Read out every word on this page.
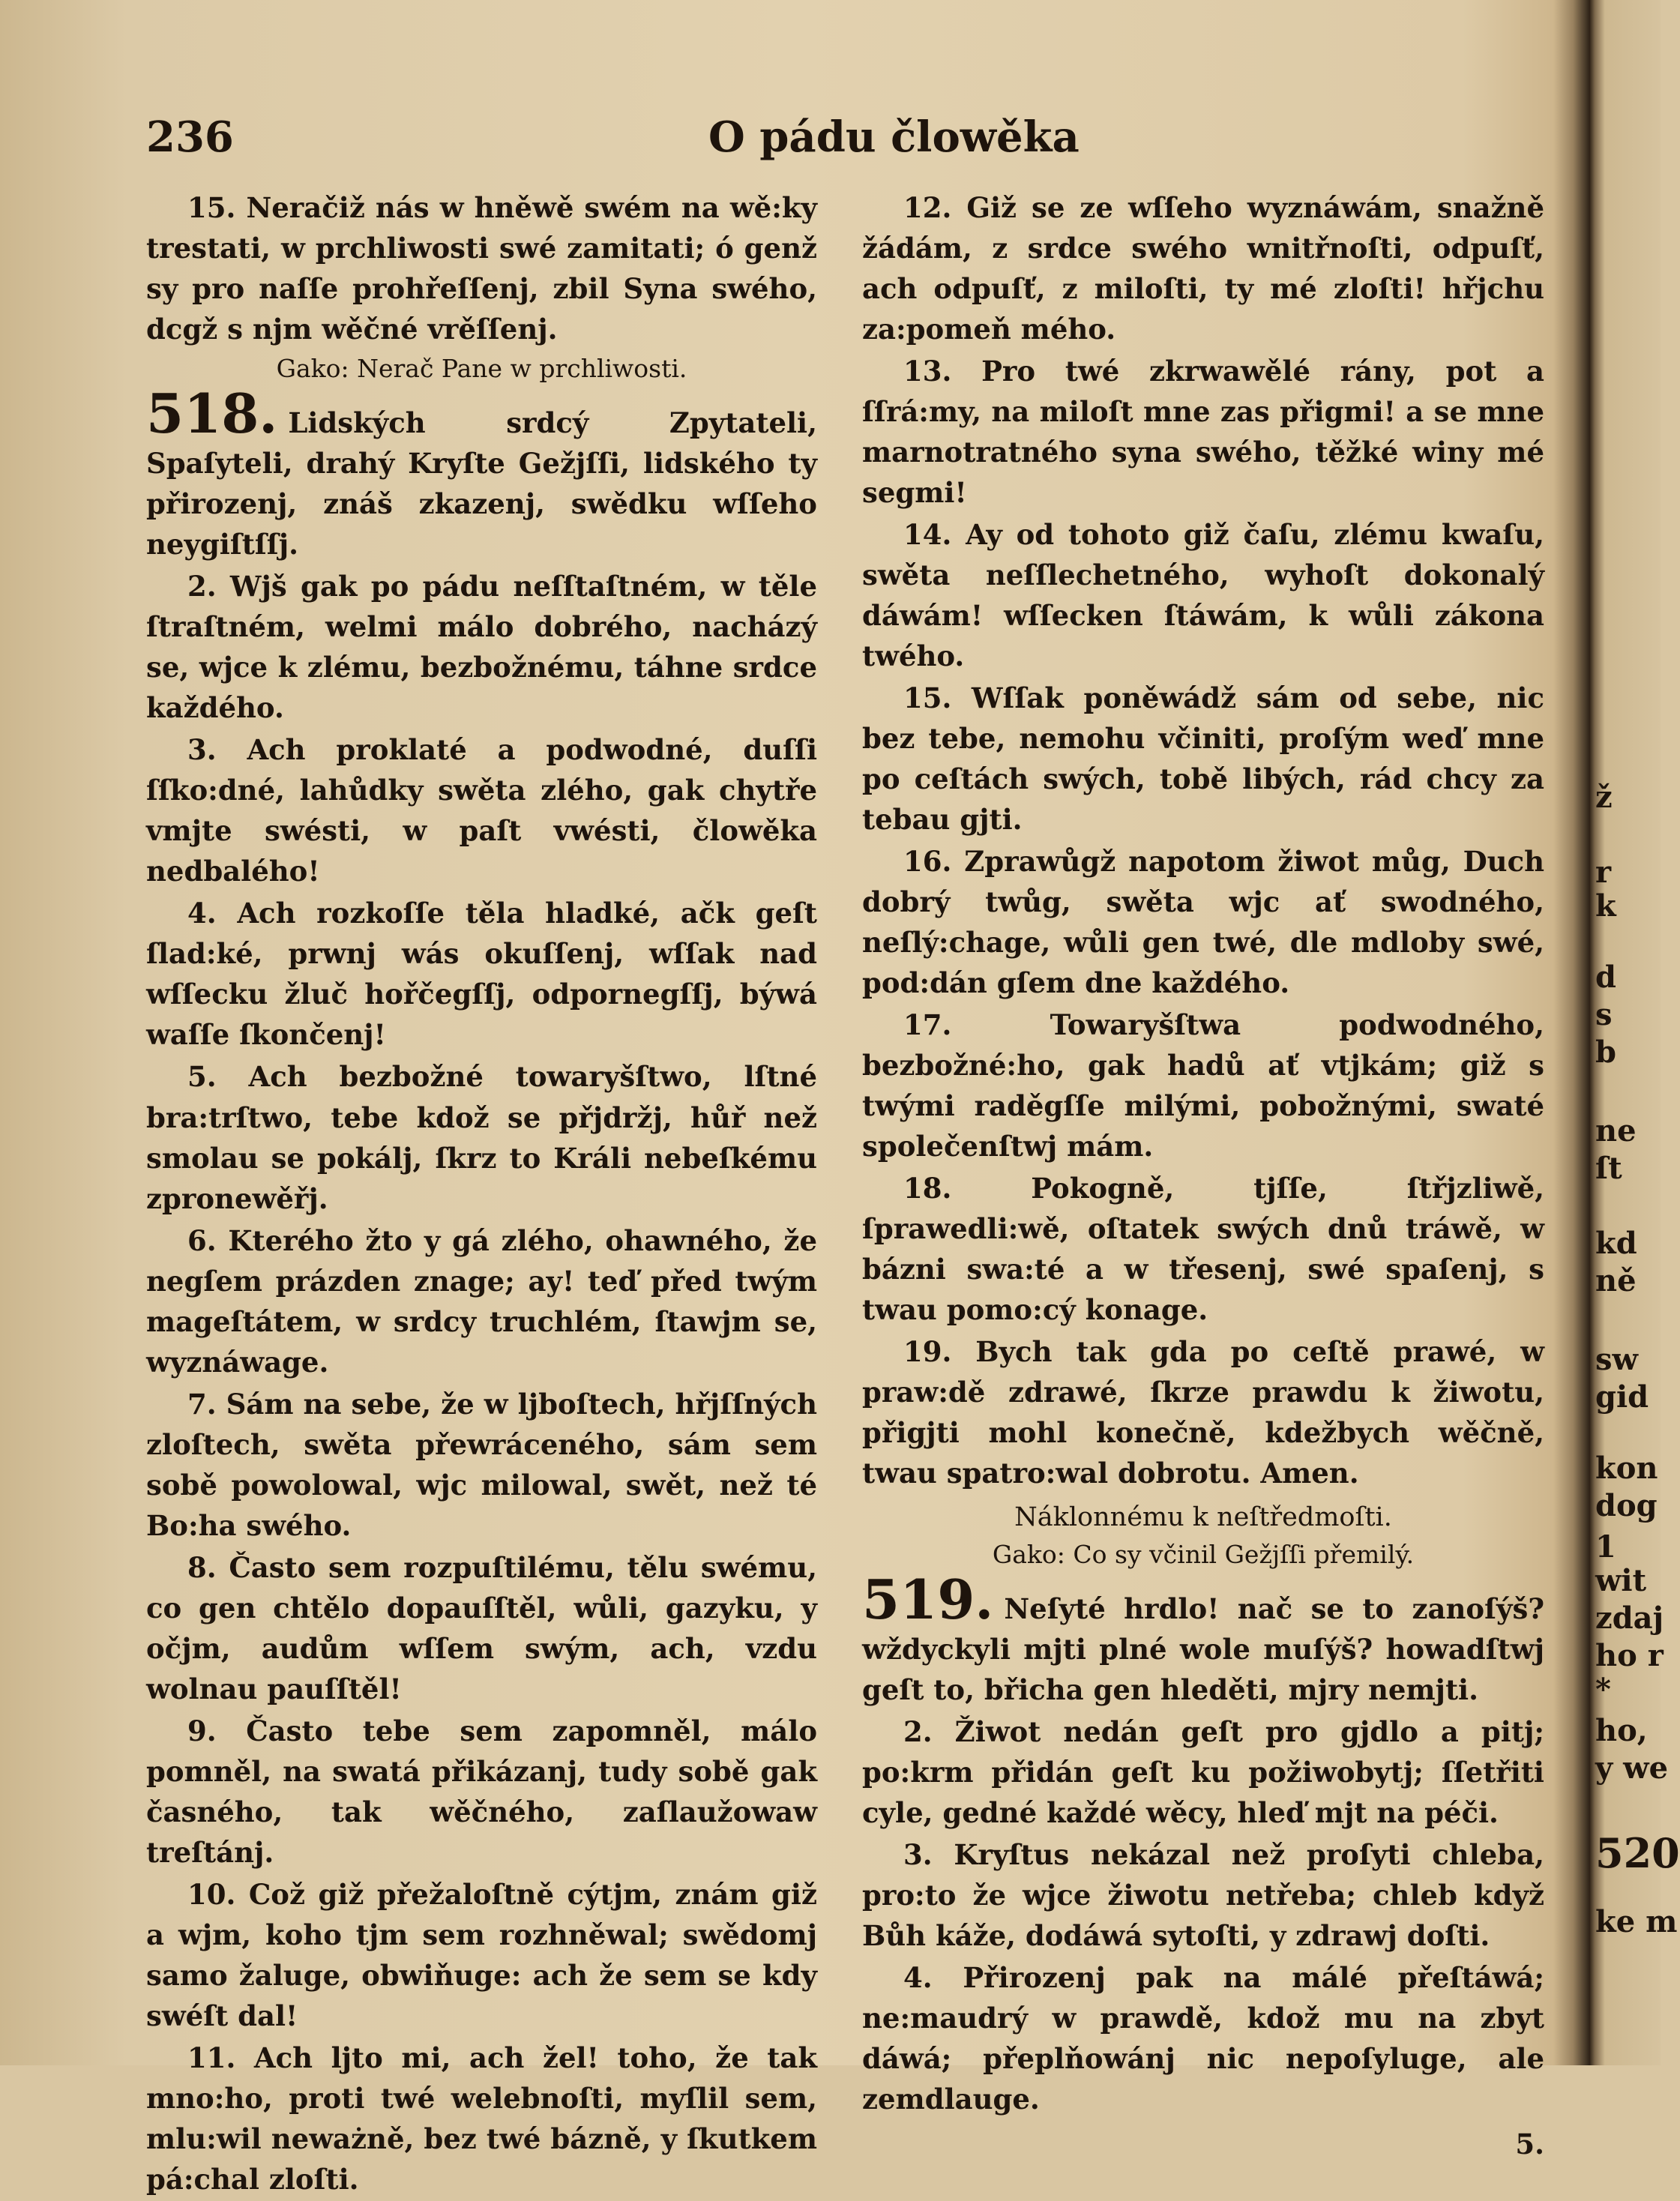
236	O pádu člowěka

15. Neračiž nás w hněwě swém na wě:ky trestati, w prchliwosti swé zamitati; ó genž sy pro naſſe prohřeſſenj, zbil Syna swého, dcgž s njm wěčné vrěſſenj.

Gako: Nerač Pane w prchliwosti.

518. Lidských srdcý Zpytateli, Spaſyteli, drahý Kryſte Gežjſſi, lidského ty přirozenj, znáš zkazenj, swědku wſſeho neygiſtſſj.

2. Wjš gak po pádu neſſtaſtném, w těle ſtraſtném, welmi málo dobrého, nacházý se, wjce k zlému, bezbožnému, táhne srdce každého.

3. Ach proklaté a podwodné, duſſi ſſko:dné, lahůdky swěta zlého, gak chytře vmjte swésti, w paſt vwésti, člowěka nedbalého!

4. Ach rozkoſſe těla hladké, ačk geſt ſlad:ké, prwnj wás okuſſenj, wſſak nad wſſecku žluč hořčegſſj, odpornegſſj, býwá waſſe ſkončenj!

5. Ach bezbožné towaryšſtwo, lſtné bra:trſtwo, tebe kdož se přjdržj, hůř než smolau se pokálj, ſkrz to Králi nebeſkému zpronewěřj.

6. Kterého žto y gá zlého, ohawného, že negſem prázden znage; ay! teď před twým mageſtátem, w srdcy truchlém, ſtawjm se, wyznáwage.

7. Sám na sebe, že w ljboſtech, hřjſſných zloſtech, swěta přewráceného, sám sem sobě powolowal, wjc milowal, swět, než té Bo:ha swého.

8. Často sem rozpuſtilému, tělu swému, co gen chtělo dopauſſtěl, wůli, gazyku, y očjm, audům wſſem swým, ach, vzdu wolnau pauſſtěl!

9. Často tebe sem zapomněl, málo pomněl, na swatá přikázanj, tudy sobě gak časného, tak wěčného, zaſlaužowaw treſtánj.

10. Což giž přežaloſtně cýtjm, znám giž a wjm, koho tjm sem rozhněwal; swědomj samo žaluge, obwiňuge: ach že sem se kdy swéſt dal!

11. Ach ljto mi, ach žel! toho, že tak mno:ho, proti twé welebnoſti, myſlil sem, mlu:wil neważně, bez twé bázně, y ſkutkem pá:chal zloſti.

12. Giž se ze wſſeho wyznáwám, snažně žádám, z srdce swého wnitřnoſti, odpuſť, ach odpuſť, z miloſti, ty mé zloſti! hřjchu za:pomeň mého.

13. Pro twé zkrwawělé rány, pot a ſſrá:my, na miloſt mne zas přigmi! a se mne marnotratného syna swého, těžké winy mé segmi!

14. Ay od tohoto giž čaſu, zlému kwaſu, swěta neſſlechetného, wyhoſt dokonalý dáwám! wſſecken ſtáwám, k wůli zákona twého.

15. Wſſak poněwádž sám od sebe, nic bez tebe, nemohu včiniti, proſým weď mne po ceſtách swých, tobě libých, rád chcy za tebau gjti.

16. Zprawůgž napotom žiwot můg, Duch dobrý twůg, swěta wjc ať swodného, neſlý:chage, wůli gen twé, dle mdloby swé, pod:dán gſem dne každého.

17. Towaryšſtwa podwodného, bezbožné:ho, gak hadů ať vtjkám; giž s twými raděgſſe milými, pobožnými, swaté společenſtwj mám.

18. Pokogně, tjſſe, ſtřjzliwě, ſprawedli:wě, oſtatek swých dnů tráwě, w bázni swa:té a w třesenj, swé spaſenj, s twau pomo:cý konage.

19. Bych tak gda po ceſtě prawé, w praw:dě zdrawé, ſkrze prawdu k žiwotu, přigjti mohl konečně, kdežbych wěčně, twau spatro:wal dobrotu. Amen.

Náklonnému k neſtředmoſti.

Gako: Co sy včinil Gežjſſi přemilý.

519. Neſyté hrdlo! nač se to zanoſýš? wždyckyli mjti plné wole muſýš? howadſtwj geſt to, břicha gen hleděti, mjry nemjti.

2. Žiwot nedán geſt pro gjdlo a pitj; po:krm přidán geſt ku požiwobytj; ſſetřiti cyle, gedné každé wěcy, hleď mjt na péči.

3. Kryſtus nekázal než proſyti chleba, pro:to že wjce žiwotu netřeba; chleb když Bůh káže, dodáwá sytoſti, y zdrawj doſti.

4. Přirozenj pak na málé přeſtáwá; ne:maudrý w prawdě, kdož mu na zbyt dáwá; přeplňowánj nic nepoſyluge, ale zemdlauge.

5.
ž
r
k
d
s
b
ne
ſt
kd
ně
sw
gid
kon
dog
1
wit
zdaj
ho r
*
ho,
y we
520
ke m
